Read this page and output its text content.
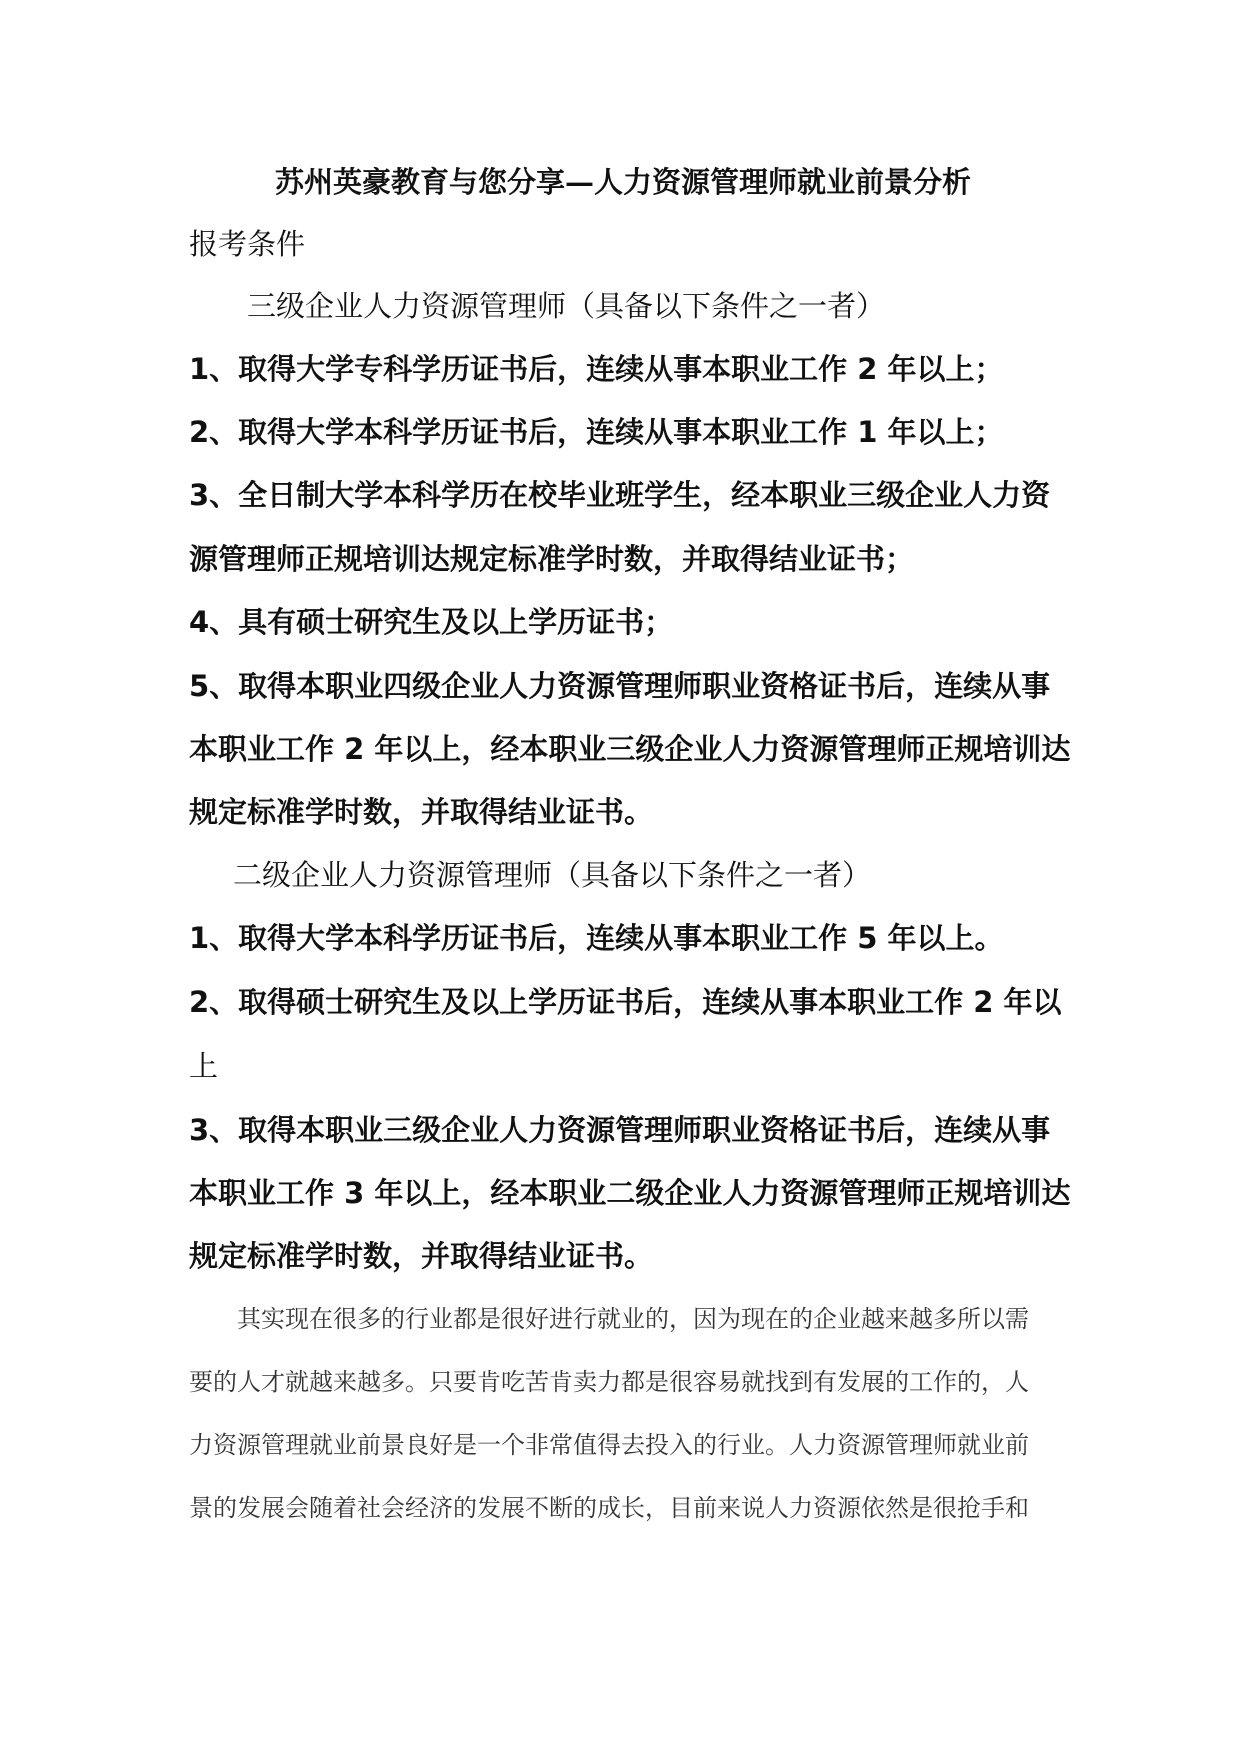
苏州英豪教育与您分享—人力资源管理师就业前景分析
报考条件
三级企业人力资源管理师（具备以下条件之一者）
1、取得大学专科学历证书后，连续从事本职业工作 2 年以上；
2、取得大学本科学历证书后，连续从事本职业工作 1 年以上；
3、全日制大学本科学历在校毕业班学生，经本职业三级企业人力资
源管理师正规培训达规定标准学时数，并取得结业证书；
4、具有硕士研究生及以上学历证书；
5、取得本职业四级企业人力资源管理师职业资格证书后，连续从事
本职业工作 2 年以上，经本职业三级企业人力资源管理师正规培训达
规定标准学时数，并取得结业证书。
二级企业人力资源管理师（具备以下条件之一者）
1、取得大学本科学历证书后，连续从事本职业工作 5 年以上。
2、取得硕士研究生及以上学历证书后，连续从事本职业工作 2 年以
上
3、取得本职业三级企业人力资源管理师职业资格证书后，连续从事
本职业工作 3 年以上，经本职业二级企业人力资源管理师正规培训达
规定标准学时数，并取得结业证书。
其实现在很多的行业都是很好进行就业的，因为现在的企业越来越多所以需
要的人才就越来越多。只要肯吃苦肯卖力都是很容易就找到有发展的工作的，人
力资源管理就业前景良好是一个非常值得去投入的行业。人力资源管理师就业前
景的发展会随着社会经济的发展不断的成长，目前来说人力资源依然是很抢手和
